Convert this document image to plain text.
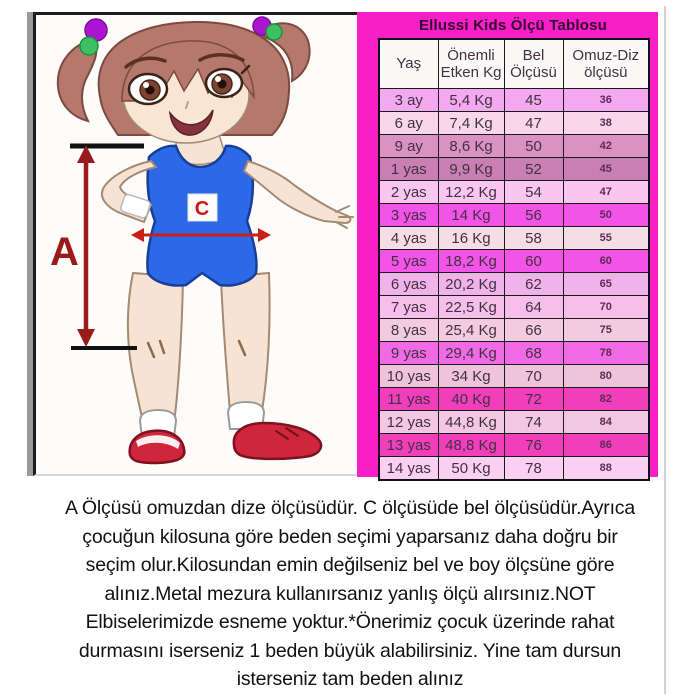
A
C
Ellussi Kids Ölçü Tablosu
Yaş	Önemli Etken Kg	Bel Ölçüsü	Omuz-Diz ölçüsü
3 ay	5,4 Kg	45	36
6 ay	7,4 Kg	47	38
9 ay	8,6 Kg	50	42
1 yas	9,9 Kg	52	45
2 yas	12,2 Kg	54	47
3 yas	14 Kg	56	50
4 yas	16 Kg	58	55
5 yas	18,2 Kg	60	60
6 yas	20,2 Kg	62	65
7 yas	22,5 Kg	64	70
8 yas	25,4 Kg	66	75
9 yas	29,4 Kg	68	78
10 yas	34 Kg	70	80
11 yas	40 Kg	72	82
12 yas	44,8 Kg	74	84
13 yas	48,8 Kg	76	86
14 yas	50 Kg	78	88
A Ölçüsü omuzdan dize ölçüsüdür. C ölçüsüde bel ölçüsüdür.Ayrıca
çocuğun kilosuna göre beden seçimi yaparsanız daha doğru bir
seçim olur.Kilosundan emin değilseniz bel ve boy ölçsüne göre
alınız.Metal mezura kullanırsanız yanlış ölçü alırsınız.NOT
Elbiselerimizde esneme yoktur.*Önerimiz çocuk üzerinde rahat
durmasını iserseniz 1 beden büyük alabilirsiniz. Yine tam dursun
isterseniz tam beden alınız
